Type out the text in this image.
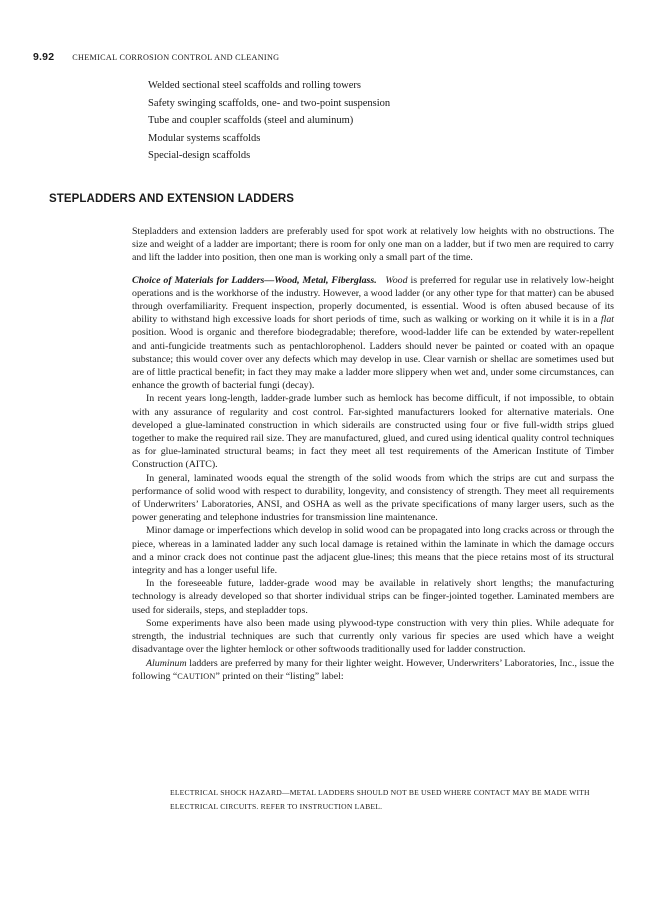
9.92 CHEMICAL CORROSION CONTROL AND CLEANING
Welded sectional steel scaffolds and rolling towers
Safety swinging scaffolds, one- and two-point suspension
Tube and coupler scaffolds (steel and aluminum)
Modular systems scaffolds
Special-design scaffolds
STEPLADDERS AND EXTENSION LADDERS

Stepladders and extension ladders are preferably used for spot work at relatively low heights with no obstructions. The size and weight of a ladder are important; there is room for only one man on a ladder, but if two men are required to carry and lift the ladder into position, then one man is working only a small part of the time.

Choice of Materials for Ladders—Wood, Metal, Fiberglass. Wood is preferred for regular use in relatively low-height operations and is the workhorse of the industry. However, a wood ladder (or any other type for that matter) can be abused through overfamiliarity. Frequent inspection, properly documented, is essential. Wood is often abused because of its ability to withstand high excessive loads for short periods of time, such as walking or working on it while it is in a flat position. Wood is organic and therefore biodegradable; therefore, wood-ladder life can be extended by water-repellent and anti-fungicide treatments such as pentachlorophenol. Ladders should never be painted or coated with an opaque substance; this would cover over any defects which may develop in use. Clear varnish or shellac are sometimes used but are of little practical benefit; in fact they may make a ladder more slippery when wet and, under some circumstances, can enhance the growth of bacterial fungi (decay).

In recent years long-length, ladder-grade lumber such as hemlock has become difficult, if not impossible, to obtain with any assurance of regularity and cost control. Far-sighted manufacturers looked for alternative materials. One developed a glue-laminated construction in which siderails are constructed using four or five full-width strips glued together to make the required rail size. They are manufactured, glued, and cured using identical quality control techniques as for glue-laminated structural beams; in fact they meet all test requirements of the American Institute of Timber Construction (AITC).

In general, laminated woods equal the strength of the solid woods from which the strips are cut and surpass the performance of solid wood with respect to durability, longevity, and consistency of strength. They meet all requirements of Underwriters’ Laboratories, ANSI, and OSHA as well as the private specifications of many larger users, such as the power generating and telephone industries for transmission line maintenance.

Minor damage or imperfections which develop in solid wood can be propagated into long cracks across or through the piece, whereas in a laminated ladder any such local damage is retained within the laminate in which the damage occurs and a minor crack does not continue past the adjacent glue-lines; this means that the piece retains most of its structural integrity and has a longer useful life.

In the foreseeable future, ladder-grade wood may be available in relatively short lengths; the manufacturing technology is already developed so that shorter individual strips can be finger-jointed together. Laminated members are used for siderails, steps, and stepladder tops.

Some experiments have also been made using plywood-type construction with very thin plies. While adequate for strength, the industrial techniques are such that currently only various fir species are used which have a weight disadvantage over the lighter hemlock or other softwoods traditionally used for ladder construction.

Aluminum ladders are preferred by many for their lighter weight. However, Underwriters’ Laboratories, Inc., issue the following “CAUTION” printed on their “listing” label:

ELECTRICAL SHOCK HAZARD—METAL LADDERS SHOULD NOT BE USED WHERE CONTACT MAY BE MADE WITH ELECTRICAL CIRCUITS. REFER TO INSTRUCTION LABEL.
